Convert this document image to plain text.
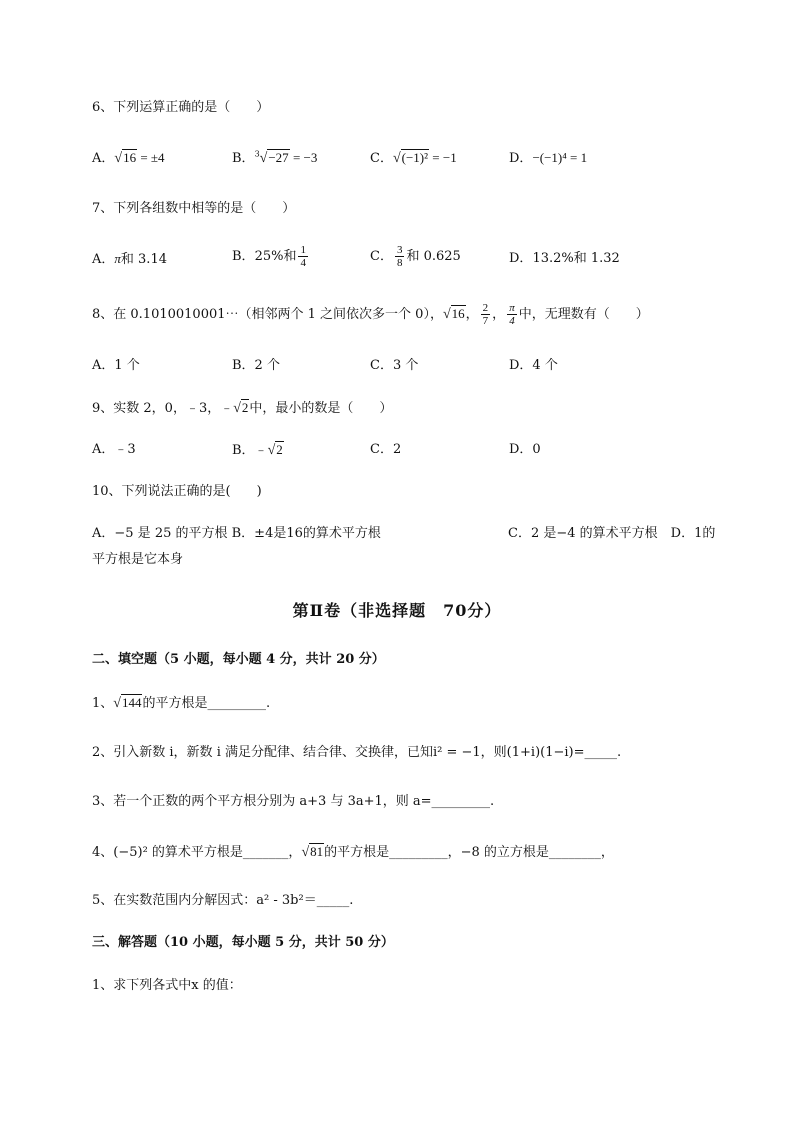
6、下列运算正确的是（　　）
A．√16 = ±4	B．$^3$√−27 = −3	C．√(−1)² = −1	D．−(−1)⁴ = 1
7、下列各组数中相等的是（　　）
A．π和 3.14	B．25%和 $\frac{1}{4}$	C． $\frac{3}{8}$ 和 0.625	D．13.2%和 1.32
8、在 0.1010010001⋯（相邻两个 1 之间依次多一个 0），√16， $\frac{2}{7}$ ， $\frac{\pi}{4}$ 中，无理数有（　　）
A．1 个	B．2 个	C．3 个	D．4 个
9、实数 2，0，﹣3，﹣√2中，最小的数是（　　）
A．﹣3	B．﹣√2	C．2	D．0
10、下列说法正确的是(　　)
A．−5 是 25 的平方根 B．±4是16的算术平方根	C．2 是−4 的算术平方根　D．1的
平方根是它本身
第Ⅱ卷（非选择题　70分）
二、填空题（5 小题，每小题 4 分，共计 20 分）
1、√144的平方根是_________.
2、引入新数 i，新数 i 满足分配律、结合律、交换律，已知i² = −1，则(1+i)(1−i)=_____.
3、若一个正数的两个平方根分别为 a+3 与 3a+1，则 a=_________.
4、(−5)² 的算术平方根是_______，√81的平方根是_________，−8 的立方根是________，
5、在实数范围内分解因式：a² - 3b²＝_____.
三、解答题（10 小题，每小题 5 分，共计 50 分）
1、求下列各式中x 的值：
